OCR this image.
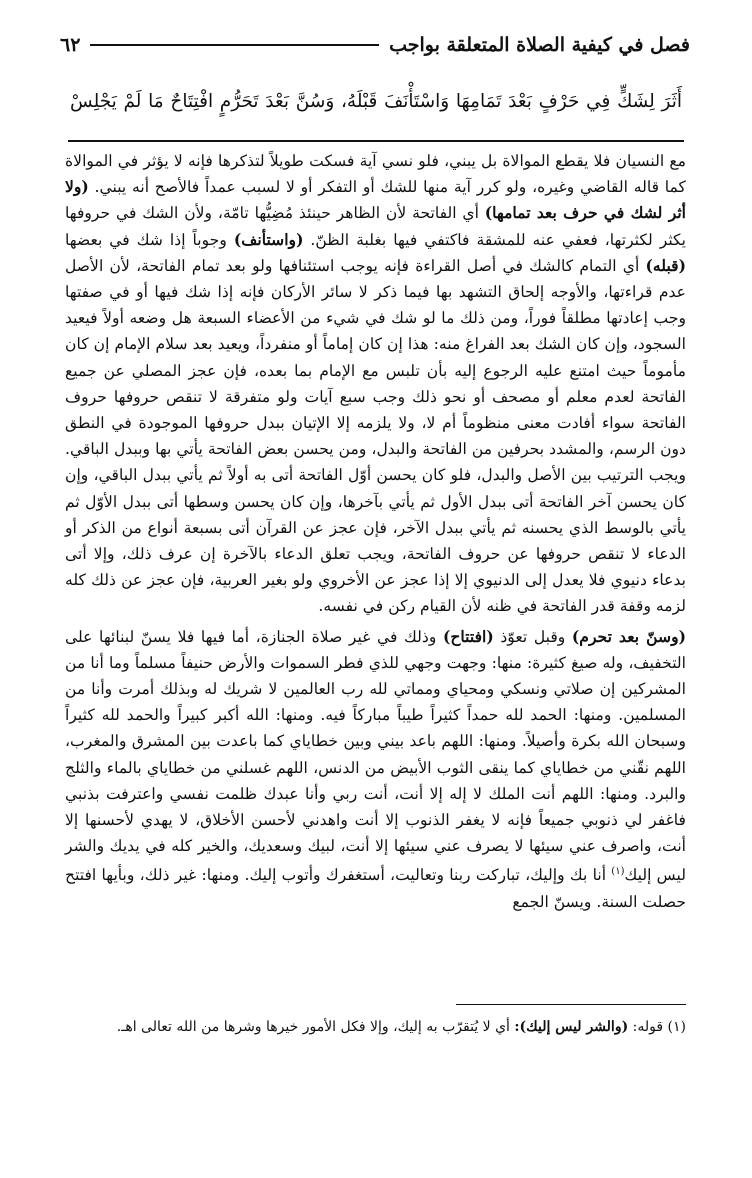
فصل في كيفية الصلاة المتعلقة بواجب
٦٢
أَثَرَ لِشَكٍّ فِي حَرْفٍ بَعْدَ تَمَامِهَا وَاسْتَأْنَفَ قَبْلَهُ، وَسُنَّ بَعْدَ تَحَرُّمٍ افْتِتَاحٌ مَا لَمْ يَجْلِسْ

مع النسيان فلا يقطع الموالاة بل يبني، فلو نسي آية فسكت طويلاً لتذكرها فإنه لا يؤثر في الموالاة كما قاله القاضي وغيره، ولو كرر آية منها للشك أو التفكر أو لا لسبب عمداً فالأصح أنه يبني. (ولا أثر لشك في حرف بعد تمامها) أي الفاتحة لأن الظاهر حينئذ مُضِيُّها تامّة، ولأن الشك في حروفها يكثر لكثرتها، فعفي عنه للمشقة فاكتفي فيها بغلبة الظنّ. (واستأنف) وجوباً إذا شك في بعضها (قبله) أي التمام كالشك في أصل القراءة فإنه يوجب استئنافها ولو بعد تمام الفاتحة، لأن الأصل عدم قراءتها، والأوجه إلحاق التشهد بها فيما ذكر لا سائر الأركان فإنه إذا شك فيها أو في صفتها وجب إعادتها مطلقاً فوراً، ومن ذلك ما لو شك في شيء من الأعضاء السبعة هل وضعه أولاً فيعيد السجود، وإن كان الشك بعد الفراغ منه: هذا إن كان إماماً أو منفرداً، ويعيد بعد سلام الإمام إن كان مأموماً حيث امتنع عليه الرجوع إليه بأن تلبس مع الإمام بما بعده، فإن عجز المصلي عن جميع الفاتحة لعدم معلم أو مصحف أو نحو ذلك وجب سبع آيات ولو متفرقة لا تنقص حروفها حروف الفاتحة سواء أفادت معنى منظوماً أم لا، ولا يلزمه إلا الإتيان ببدل حروفها الموجودة في النطق دون الرسم، والمشدد بحرفين من الفاتحة والبدل، ومن يحسن بعض الفاتحة يأتي بها وببدل الباقي. ويجب الترتيب بين الأصل والبدل، فلو كان يحسن أوّل الفاتحة أتى به أولاً ثم يأتي ببدل الباقي، وإن كان يحسن آخر الفاتحة أتى ببدل الأول ثم يأتي بآخرها، وإن كان يحسن وسطها أتى ببدل الأوّل ثم يأتي بالوسط الذي يحسنه ثم يأتي ببدل الآخر، فإن عجز عن القرآن أتى بسبعة أنواع من الذكر أو الدعاء لا تنقص حروفها عن حروف الفاتحة، ويجب تعلق الدعاء بالآخرة إن عرف ذلك، وإلا أتى بدعاء دنيوي فلا يعدل إلى الدنيوي إلا إذا عجز عن الأخروي ولو بغير العربية، فإن عجز عن ذلك كله لزمه وقفة قدر الفاتحة في ظنه لأن القيام ركن في نفسه.

(وسنّ بعد تحرم) وقبل تعوّذ (افتتاح) وذلك في غير صلاة الجنازة، أما فيها فلا يسنّ لبنائها على التخفيف، وله صيغ كثيرة: منها: وجهت وجهي للذي فطر السموات والأرض حنيفاً مسلماً وما أنا من المشركين إن صلاتي ونسكي ومحياي ومماتي لله رب العالمين لا شريك له وبذلك أمرت وأنا من المسلمين. ومنها: الحمد لله حمداً كثيراً طيباً مباركاً فيه. ومنها: الله أكبر كبيراً والحمد لله كثيراً وسبحان الله بكرة وأصيلاً. ومنها: اللهم باعد بيني وبين خطاياي كما باعدت بين المشرق والمغرب، اللهم نقّني من خطاياي كما ينقى الثوب الأبيض من الدنس، اللهم غسلني من خطاياي بالماء والثلج والبرد. ومنها: اللهم أنت الملك لا إله إلا أنت، أنت ربي وأنا عبدك ظلمت نفسي واعترفت بذنبي فاغفر لي ذنوبي جميعاً فإنه لا يغفر الذنوب إلا أنت واهدني لأحسن الأخلاق، لا يهدي لأحسنها إلا أنت، واصرف عني سيئها لا يصرف عني سيئها إلا أنت، لبيك وسعديك، والخير كله في يديك والشر ليس إليك$^{(١)}$ أنا بك وإليك، تباركت ربنا وتعاليت، أستغفرك وأتوب إليك. ومنها: غير ذلك، وبأيها افتتح حصلت السنة. ويسنّ الجمع

(١) قوله: (والشر ليس إليك): أي لا يُتقرّب به إليك، وإلا فكل الأمور خيرها وشرها من الله تعالى اهـ.
